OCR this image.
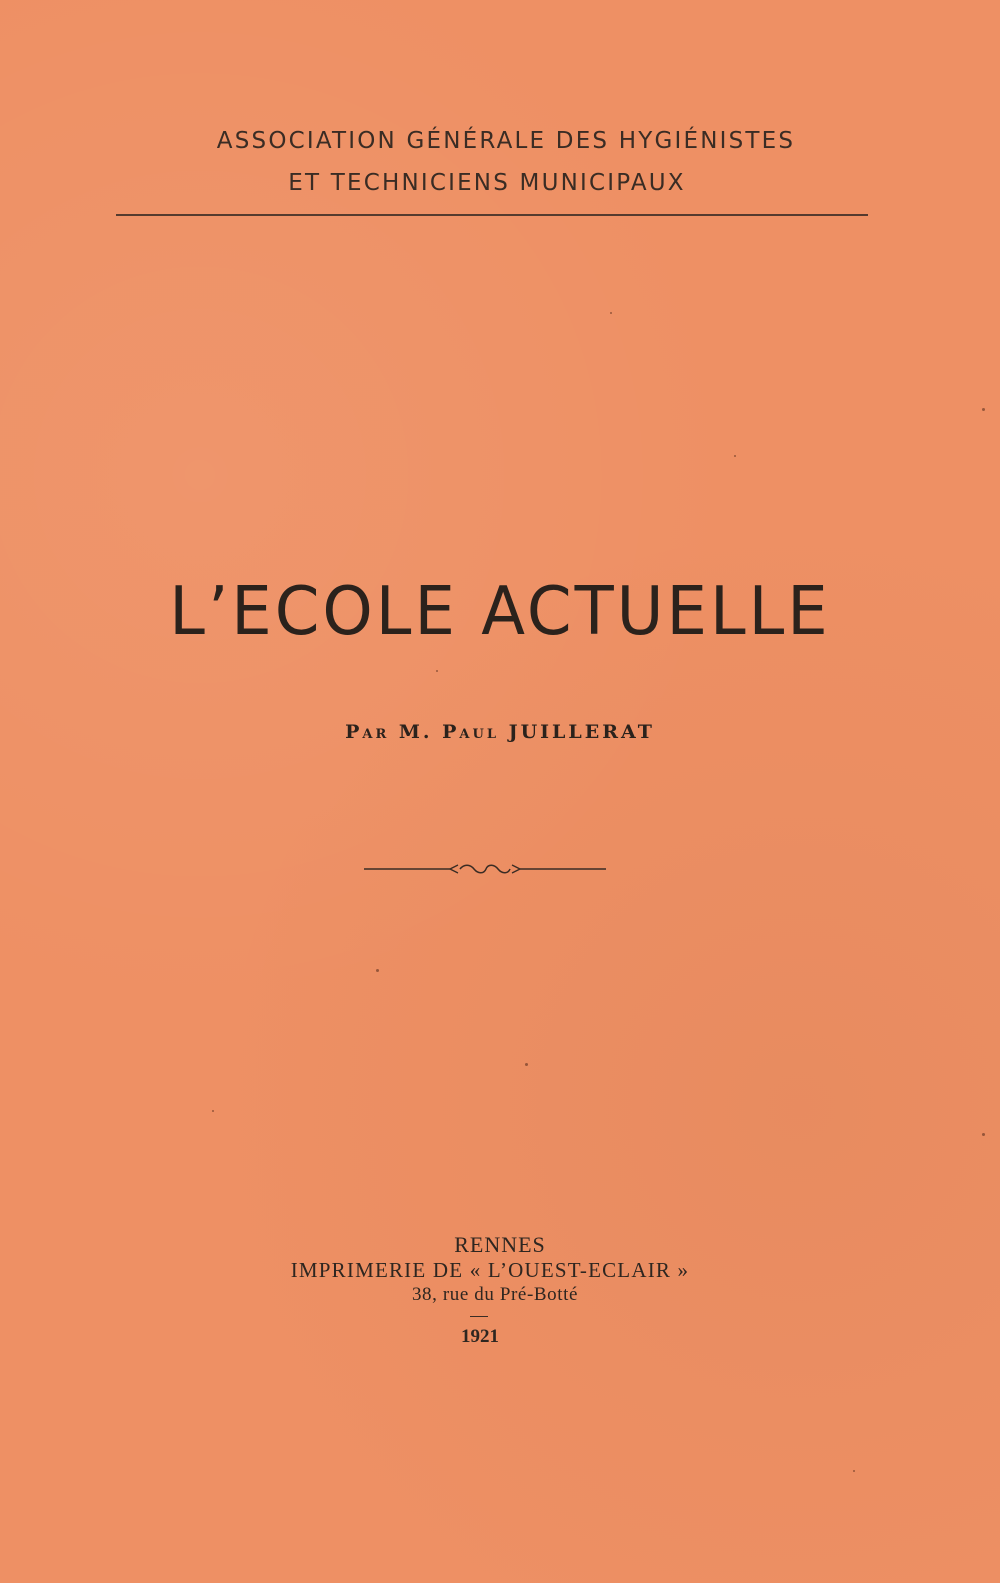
ASSOCIATION GÉNÉRALE DES HYGIÉNISTES
ET TECHNICIENS MUNICIPAUX
L’ECOLE ACTUELLE
Par M. Paul JUILLERAT
RENNES
IMPRIMERIE DE « L’OUEST-ECLAIR »
38, rue du Pré-Botté
1921
